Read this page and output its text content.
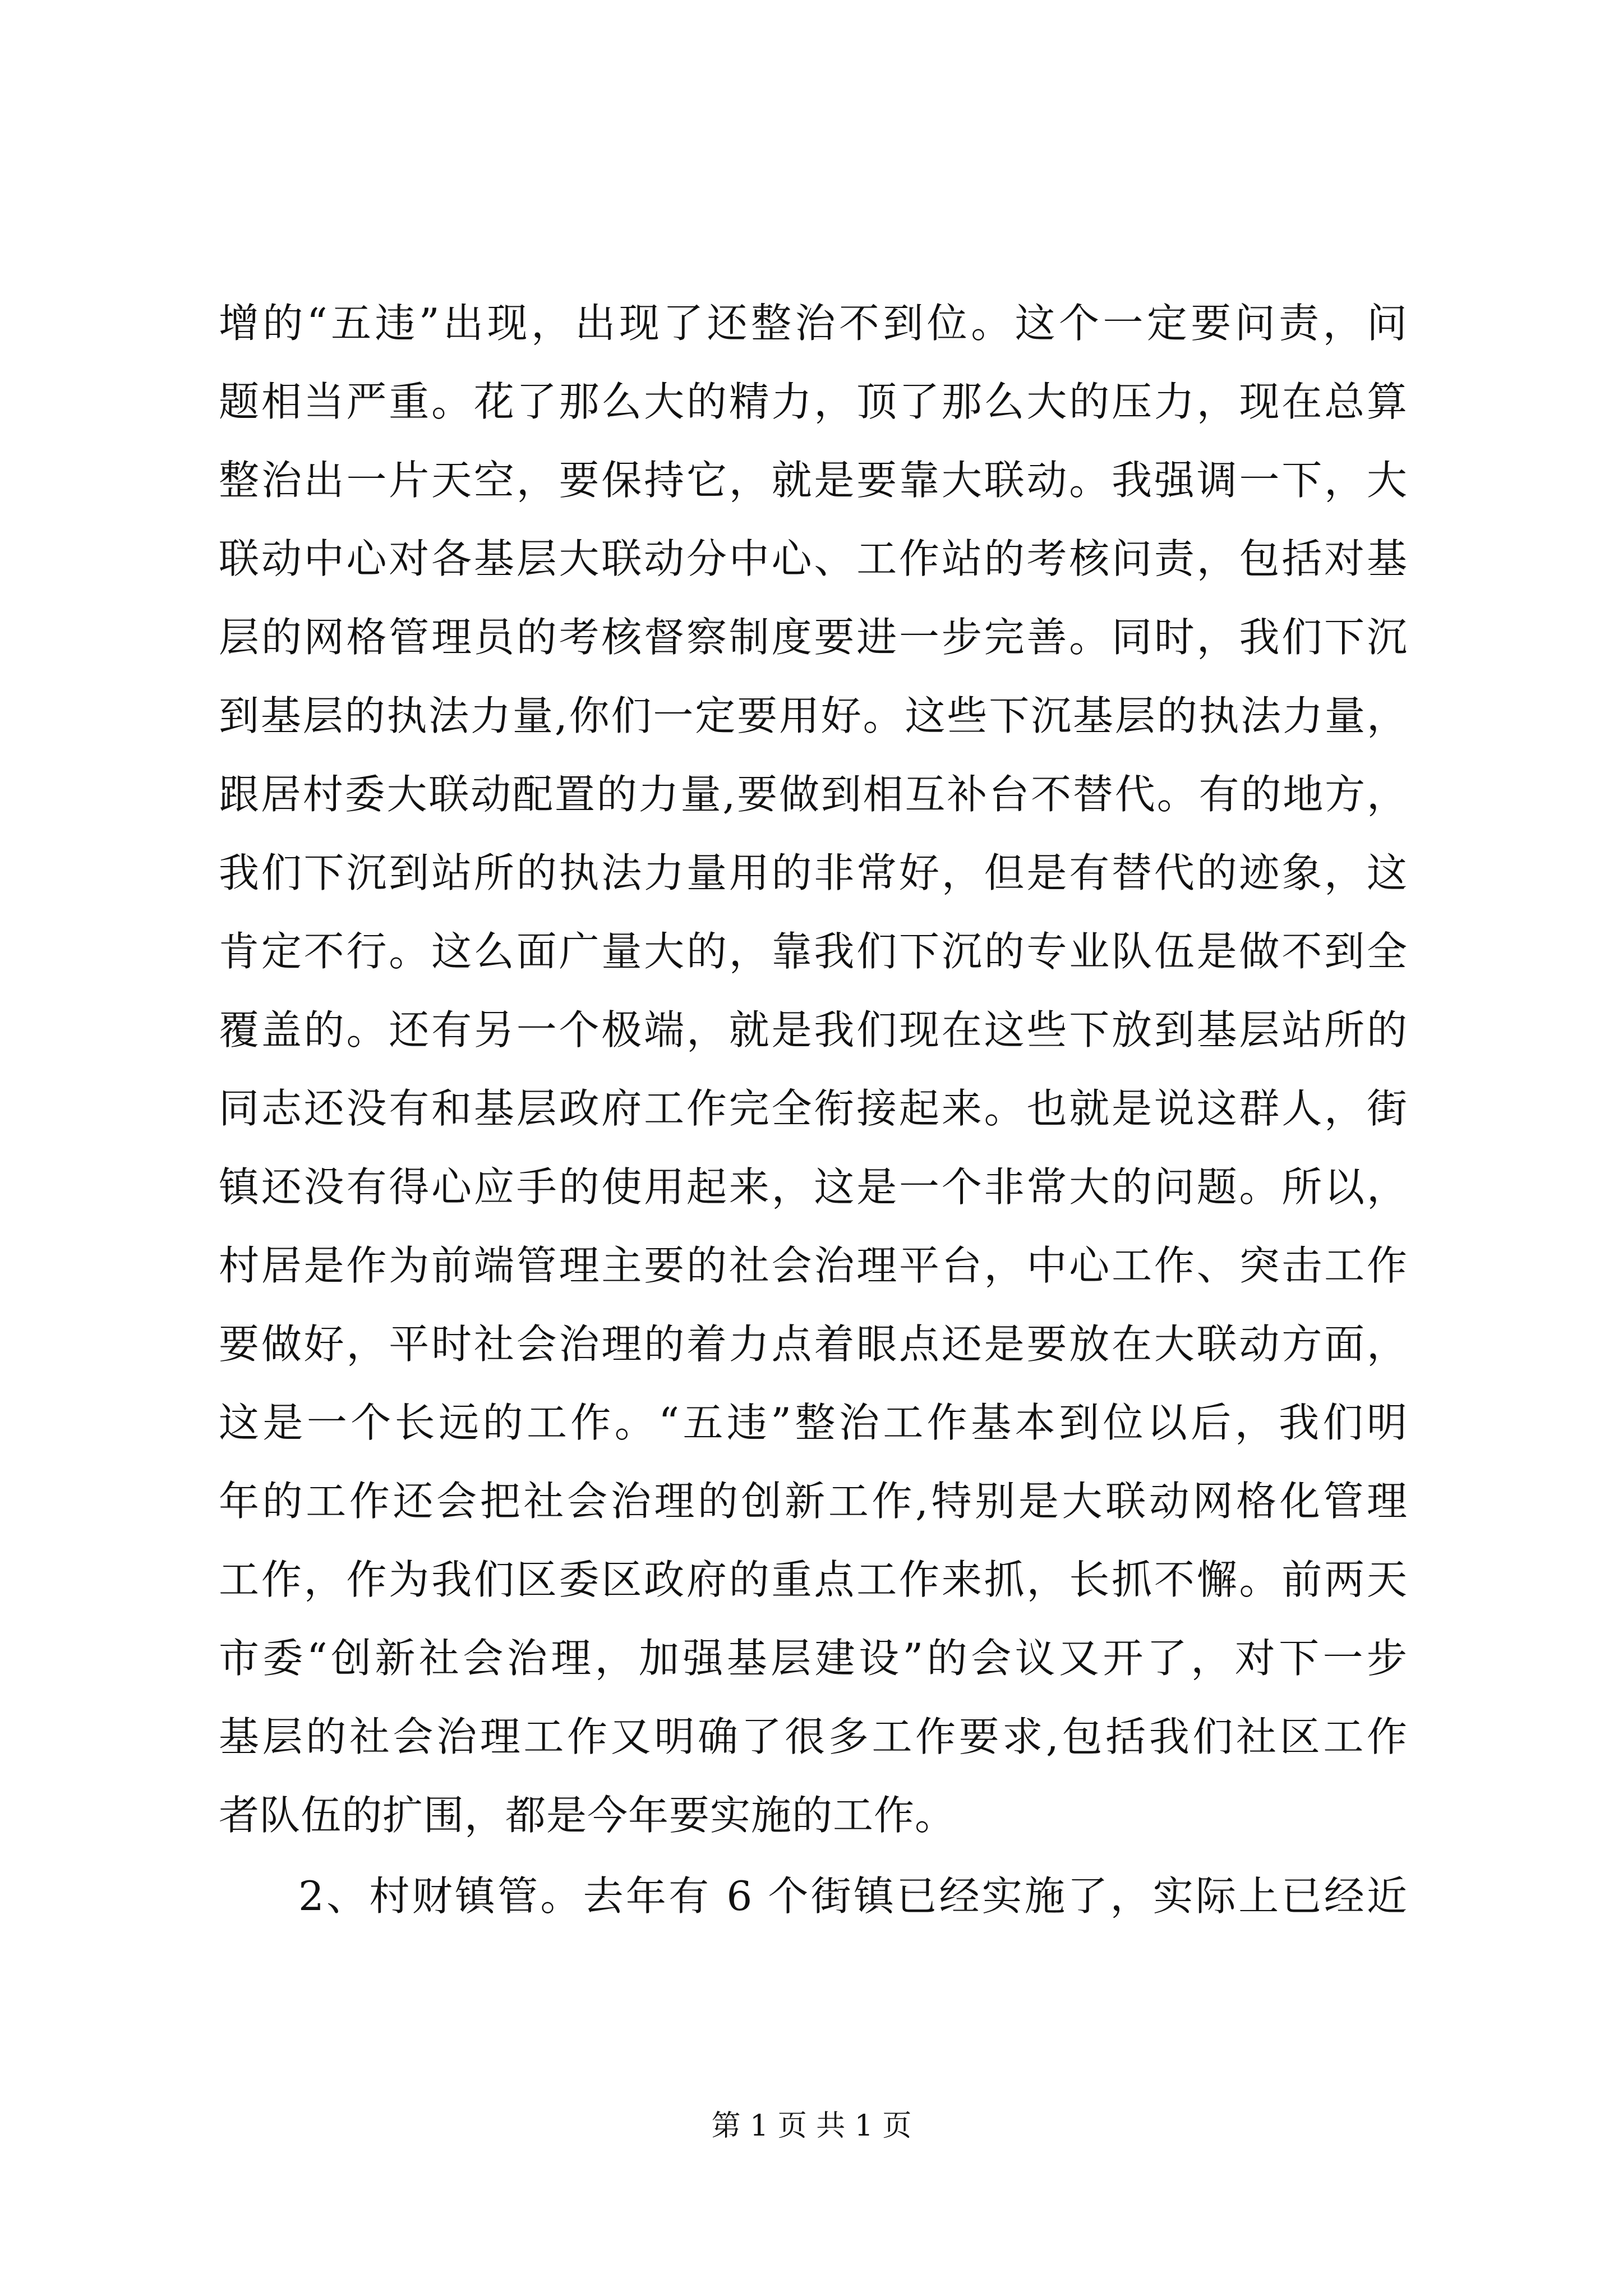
增的“五违”出现，出现了还整治不到位。这个一定要问责，问
题相当严重。花了那么大的精力，顶了那么大的压力，现在总算
整治出一片天空，要保持它，就是要靠大联动。我强调一下，大
联动中心对各基层大联动分中心、工作站的考核问责，包括对基
层的网格管理员的考核督察制度要进一步完善。同时，我们下沉
到基层的执法力量,你们一定要用好。这些下沉基层的执法力量，
跟居村委大联动配置的力量,要做到相互补台不替代。有的地方，
我们下沉到站所的执法力量用的非常好，但是有替代的迹象，这
肯定不行。这么面广量大的，靠我们下沉的专业队伍是做不到全
覆盖的。还有另一个极端，就是我们现在这些下放到基层站所的
同志还没有和基层政府工作完全衔接起来。也就是说这群人，街
镇还没有得心应手的使用起来，这是一个非常大的问题。所以，
村居是作为前端管理主要的社会治理平台，中心工作、突击工作
要做好，平时社会治理的着力点着眼点还是要放在大联动方面，
这是一个长远的工作。“五违”整治工作基本到位以后，我们明
年的工作还会把社会治理的创新工作,特别是大联动网格化管理
工作，作为我们区委区政府的重点工作来抓，长抓不懈。前两天
市委“创新社会治理，加强基层建设”的会议又开了，对下一步
基层的社会治理工作又明确了很多工作要求,包括我们社区工作
者队伍的扩围，都是今年要实施的工作。
2、村财镇管。去年有 6 个街镇已经实施了，实际上已经近
第 1 页 共 1 页
